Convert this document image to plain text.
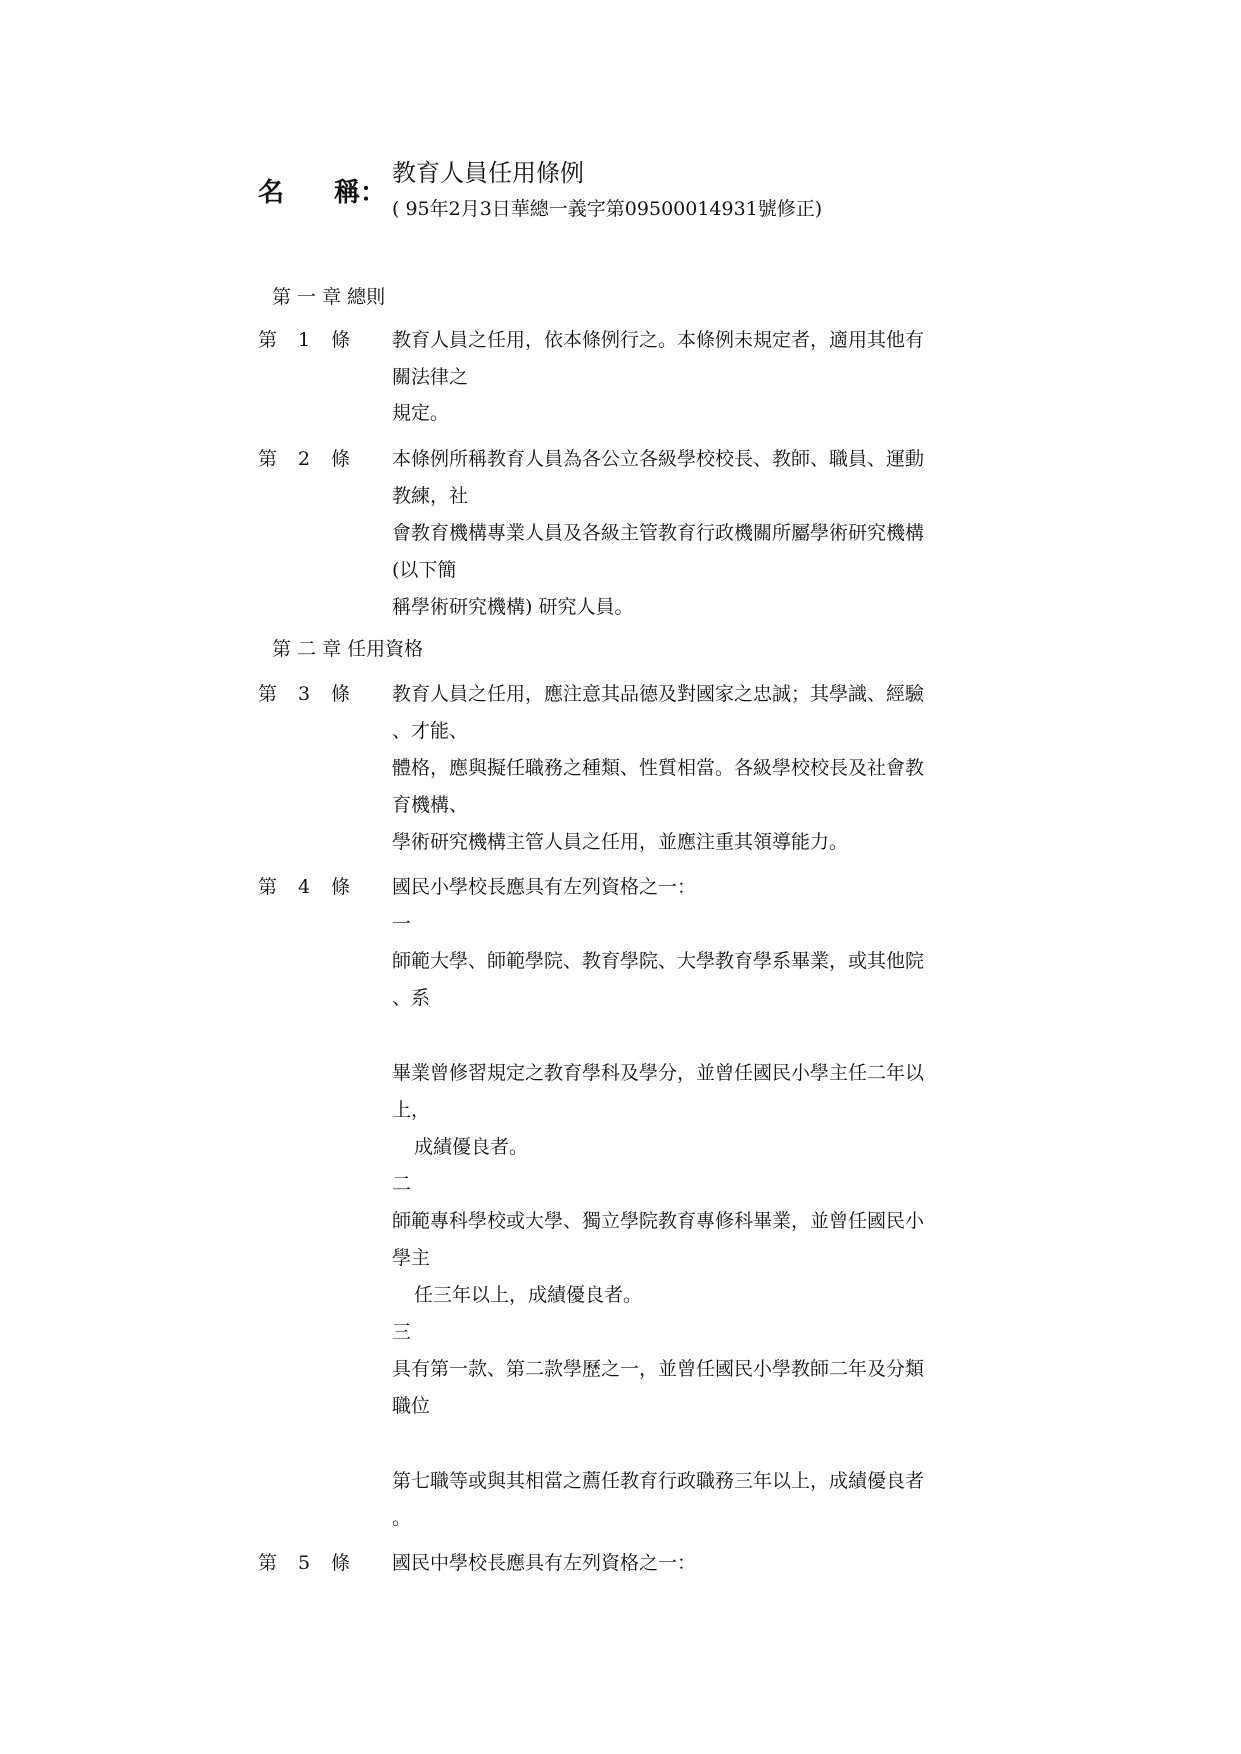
名 稱：
教育人員任用條例
( 95年2月3日華總一義字第09500014931號修正)
第 一 章 總則
第 1 條 教育人員之任用，依本條例行之。本條例未規定者，適用其他有
關法律之
規定。
第 2 條 本條例所稱教育人員為各公立各級學校校長、教師、職員、運動
教練，社
會教育機構專業人員及各級主管教育行政機關所屬學術研究機構
(以下簡
稱學術研究機構) 研究人員。
第 二 章 任用資格
第 3 條 教育人員之任用，應注意其品德及對國家之忠誠；其學識、經驗
、才能、
體格，應與擬任職務之種類、性質相當。各級學校校長及社會教
育機構、
學術研究機構主管人員之任用，並應注重其領導能力。
第 4 條 國民小學校長應具有左列資格之一：
一
師範大學、師範學院、教育學院、大學教育學系畢業，或其他院
、系
畢業曾修習規定之教育學科及學分，並曾任國民小學主任二年以
上，
成績優良者。
二
師範專科學校或大學、獨立學院教育專修科畢業，並曾任國民小
學主
任三年以上，成績優良者。
三
具有第一款、第二款學歷之一，並曾任國民小學教師二年及分類
職位
第七職等或與其相當之薦任教育行政職務三年以上，成績優良者
。
第 5 條 國民中學校長應具有左列資格之一：
